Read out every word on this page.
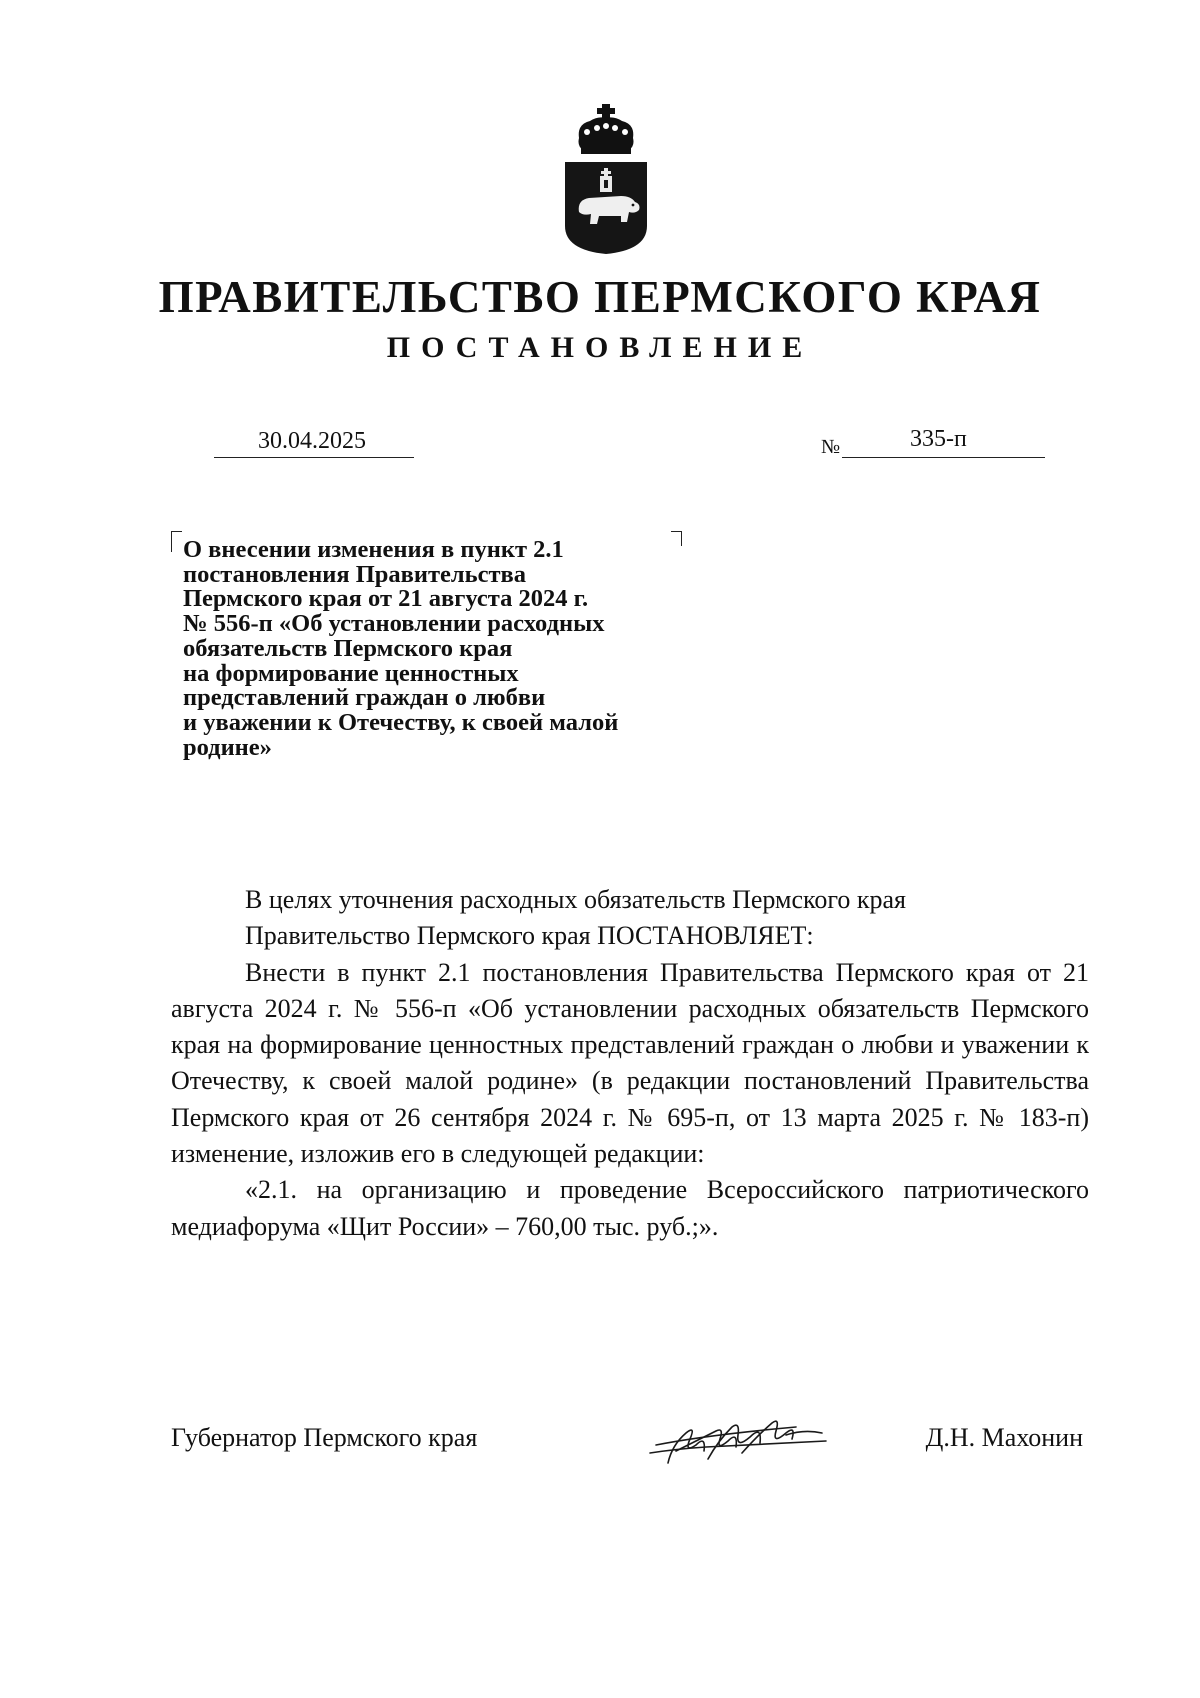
ПРАВИТЕЛЬСТВО ПЕРМСКОГО КРАЯ
ПОСТАНОВЛЕНИЕ
30.04.2025	№	335-п
О внесении изменения в пункт 2.1
постановления Правительства
Пермского края от 21 августа 2024 г.
№ 556-п «Об установлении расходных
обязательств Пермского края
на формирование ценностных
представлений граждан о любви
и уважении к Отечеству, к своей малой
родине»

В целях уточнения расходных обязательств Пермского края

Правительство Пермского края ПОСТАНОВЛЯЕТ:

Внести в пункт 2.1 постановления Правительства Пермского края от 21 августа 2024 г. № 556-п «Об установлении расходных обязательств Пермского края на формирование ценностных представлений граждан о любви и уважении к Отечеству, к своей малой родине» (в редакции постановлений Правительства Пермского края от 26 сентября 2024 г. № 695-п, от 13 марта 2025 г. № 183-п) изменение, изложив его в следующей редакции:

«2.1. на организацию и проведение Всероссийского патриотического медиафорума «Щит России» – 760,00 тыс. руб.;».

Губернатор Пермского края	Д.Н. Махонин
